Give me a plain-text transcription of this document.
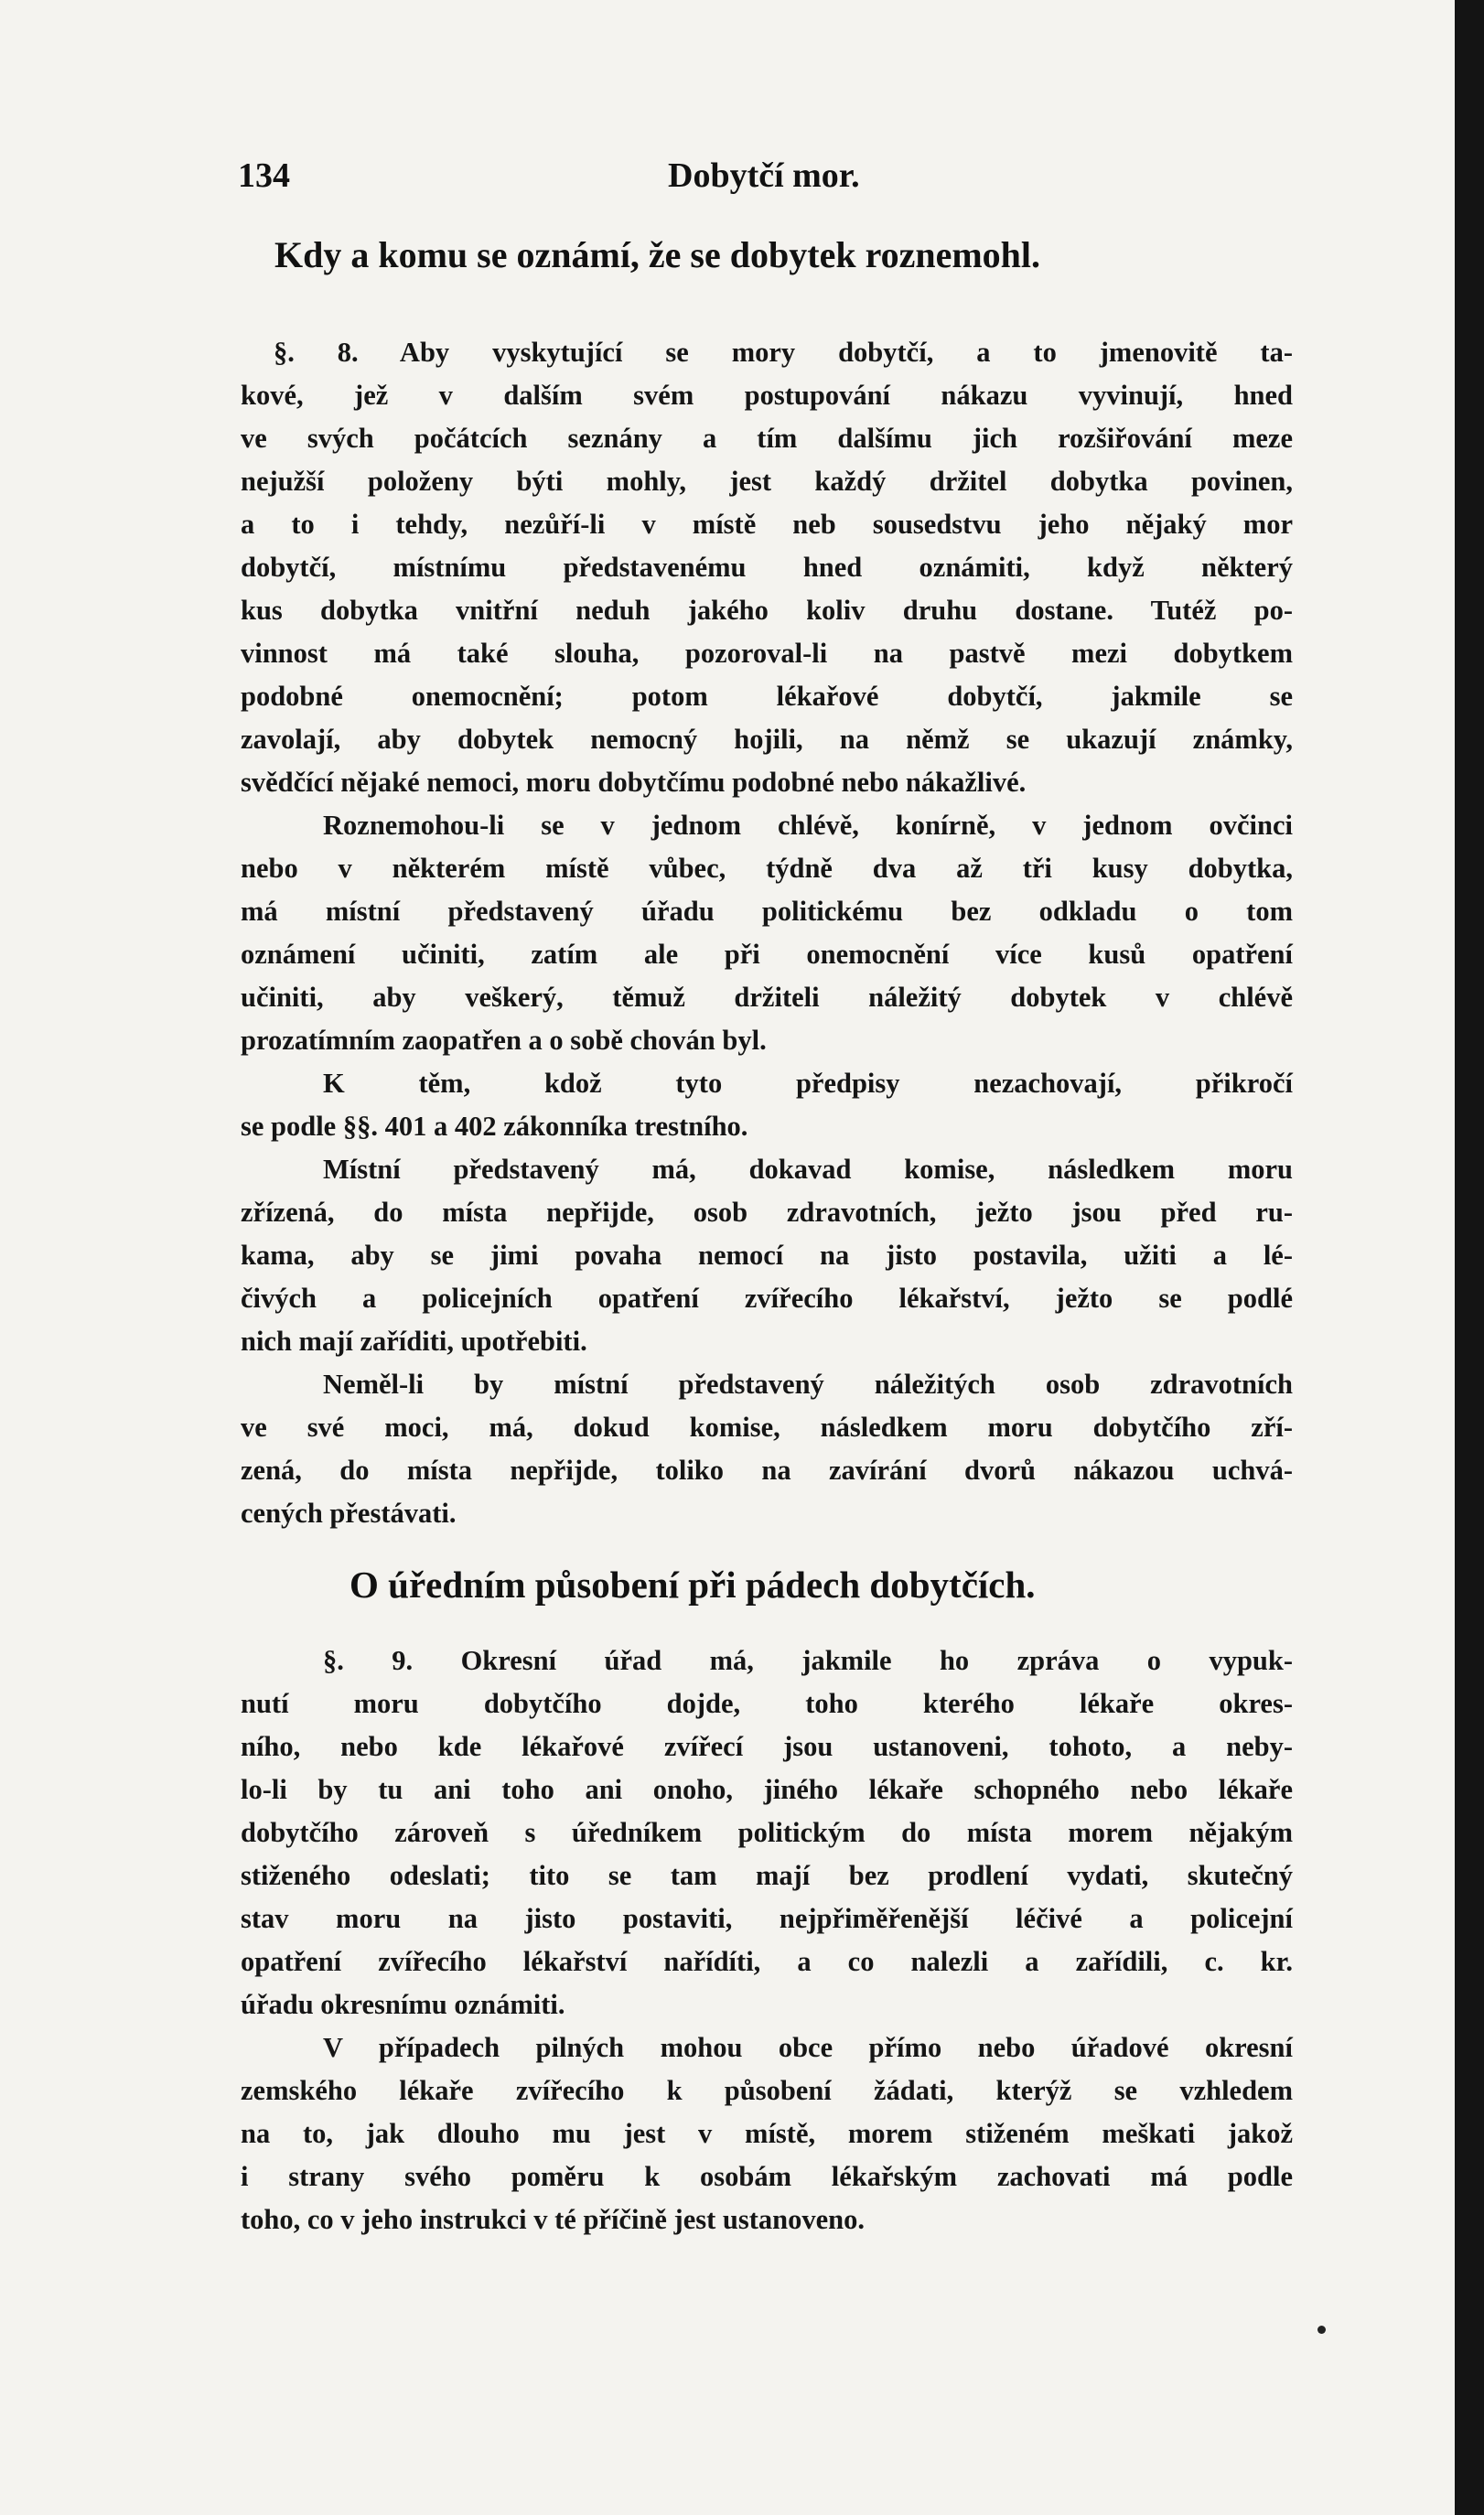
134	Dobytčí mor.
Kdy a komu se oznámí, že se dobytek roznemohl.
§. 8. Aby vyskytující se mory dobytčí, a to jmenovitě ta-
kové, jež v dalším svém postupování nákazu vyvinují, hned
ve svých počátcích seznány a tím dalšímu jich rozšiřování meze
nejužší položeny býti mohly, jest každý držitel dobytka povinen,
a to i tehdy, nezůří-li v místě neb sousedstvu jeho nějaký mor
dobytčí, místnímu představenému hned oznámiti, když některý
kus dobytka vnitřní neduh jakého koliv druhu dostane. Tutéž po-
vinnost má také slouha, pozoroval-li na pastvě mezi dobytkem
podobné onemocnění; potom lékařové dobytčí, jakmile se
zavolají, aby dobytek nemocný hojili, na němž se ukazují známky,
svědčící nějaké nemoci, moru dobytčímu podobné nebo nákažlivé.
Roznemohou-li se v jednom chlévě, konírně, v jednom ovčinci
nebo v některém místě vůbec, týdně dva až tři kusy dobytka,
má místní představený úřadu politickému bez odkladu o tom
oznámení učiniti, zatím ale při onemocnění více kusů opatření
učiniti, aby veškerý, těmuž držiteli náležitý dobytek v chlévě
prozatímním zaopatřen a o sobě chován byl.
K těm, kdož tyto předpisy nezachovají, přikročí
se podle §§. 401 a 402 zákonníka trestního.
Místní představený má, dokavad komise, následkem moru
zřízená, do místa nepřijde, osob zdravotních, ježto jsou před ru-
kama, aby se jimi povaha nemocí na jisto postavila, užiti a lé-
čivých a policejních opatření zvířecího lékařství, ježto se podlé
nich mají zaříditi, upotřebiti.
Neměl-li by místní představený náležitých osob zdravotních
ve své moci, má, dokud komise, následkem moru dobytčího zří-
zená, do místa nepřijde, toliko na zavírání dvorů nákazou uchvá-
cených přestávati.
O úředním působení při pádech dobytčích.
§. 9. Okresní úřad má, jakmile ho zpráva o vypuk-
nutí moru dobytčího dojde, toho kterého lékaře okres-
ního, nebo kde lékařové zvířecí jsou ustanoveni, tohoto, a neby-
lo-li by tu ani toho ani onoho, jiného lékaře schopného nebo lékaře
dobytčího zároveň s úředníkem politickým do místa morem nějakým
stiženého odeslati; tito se tam mají bez prodlení vydati, skutečný
stav moru na jisto postaviti, nejpřiměřenější léčivé a policejní
opatření zvířecího lékařství nařídíti, a co nalezli a zařídili, c. kr.
úřadu okresnímu oznámiti.
V případech pilných mohou obce přímo nebo úřadové okresní
zemského lékaře zvířecího k působení žádati, kterýž se vzhledem
na to, jak dlouho mu jest v místě, morem stiženém meškati jakož
i strany svého poměru k osobám lékařským zachovati má podle
toho, co v jeho instrukci v té příčině jest ustanoveno.
